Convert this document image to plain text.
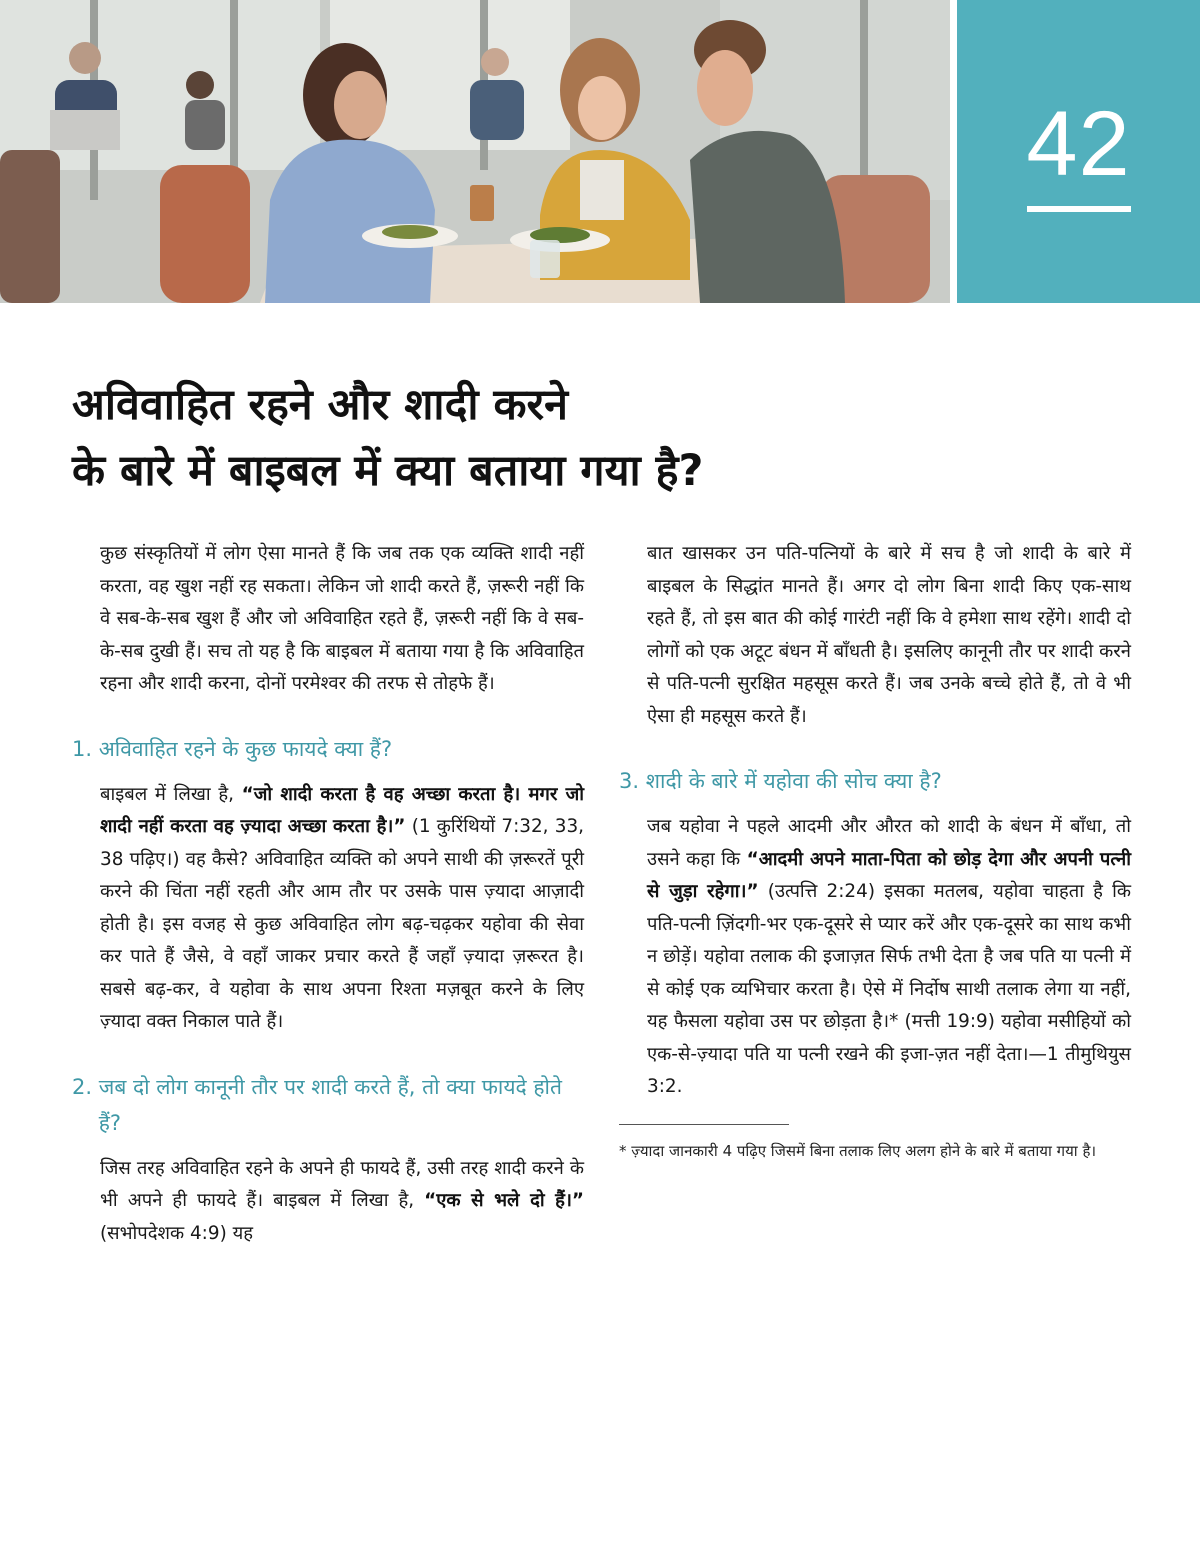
42
अविवाहित रहने और शादी करने
के बारे में बाइबल में क्या बताया गया है?

कुछ संस्कृतियों में लोग ऐसा मानते हैं कि जब तक एक व्यक्ति शादी नहीं करता, वह खुश नहीं रह सकता। लेकिन जो शादी करते हैं, ज़रूरी नहीं कि वे सब-के-सब खुश हैं और जो अविवाहित रहते हैं, ज़रूरी नहीं कि वे सब-के-सब दुखी हैं। सच तो यह है कि बाइबल में बताया गया है कि अविवाहित रहना और शादी करना, दोनों परमेश्वर की तरफ से तोहफे हैं।

1.
अविवाहित रहने के कुछ फायदे क्या हैं?

बाइबल में लिखा है, “जो शादी करता है वह अच्छा करता है। मगर जो शादी नहीं करता वह ज़्यादा अच्छा करता है।” (1 कुरिंथियों 7:32, 33, 38 पढ़िए।) वह कैसे? अविवाहित व्यक्ति को अपने साथी की ज़रूरतें पूरी करने की चिंता नहीं रहती और आम तौर पर उसके पास ज़्यादा आज़ादी होती है। इस वजह से कुछ अविवाहित लोग बढ़-चढ़कर यहोवा की सेवा कर पाते हैं जैसे, वे वहाँ जाकर प्रचार करते हैं जहाँ ज़्यादा ज़रूरत है। सबसे बढ़-कर, वे यहोवा के साथ अपना रिश्ता मज़बूत करने के लिए ज़्यादा वक्त निकाल पाते हैं।

2.
जब दो लोग कानूनी तौर पर शादी करते हैं, तो क्या फायदे होते हैं?

जिस तरह अविवाहित रहने के अपने ही फायदे हैं, उसी तरह शादी करने के भी अपने ही फायदे हैं। बाइबल में लिखा है, “एक से भले दो हैं।” (सभोपदेशक 4:9) यह

बात खासकर उन पति-पत्नियों के बारे में सच है जो शादी के बारे में बाइबल के सिद्धांत मानते हैं। अगर दो लोग बिना शादी किए एक-साथ रहते हैं, तो इस बात की कोई गारंटी नहीं कि वे हमेशा साथ रहेंगे। शादी दो लोगों को एक अटूट बंधन में बाँधती है। इसलिए कानूनी तौर पर शादी करने से पति-पत्नी सुरक्षित महसूस करते हैं। जब उनके बच्चे होते हैं, तो वे भी ऐसा ही महसूस करते हैं।

3.
शादी के बारे में यहोवा की सोच क्या है?

जब यहोवा ने पहले आदमी और औरत को शादी के बंधन में बाँधा, तो उसने कहा कि “आदमी अपने माता-पिता को छोड़ देगा और अपनी पत्नी से जुड़ा रहेगा।” (उत्पत्ति 2:24) इसका मतलब, यहोवा चाहता है कि पति-पत्नी ज़िंदगी-भर एक-दूसरे से प्यार करें और एक-दूसरे का साथ कभी न छोड़ें। यहोवा तलाक की इजाज़त सिर्फ तभी देता है जब पति या पत्नी में से कोई एक व्यभिचार करता है। ऐसे में निर्दोष साथी तलाक लेगा या नहीं, यह फैसला यहोवा उस पर छोड़ता है।* (मत्ती 19:9) यहोवा मसीहियों को एक-से-ज़्यादा पति या पत्नी रखने की इजा-ज़त नहीं देता।—1 तीमुथियुस 3:2.

* ज़्यादा जानकारी 4 पढ़िए जिसमें बिना तलाक लिए अलग होने के बारे में बताया गया है।
